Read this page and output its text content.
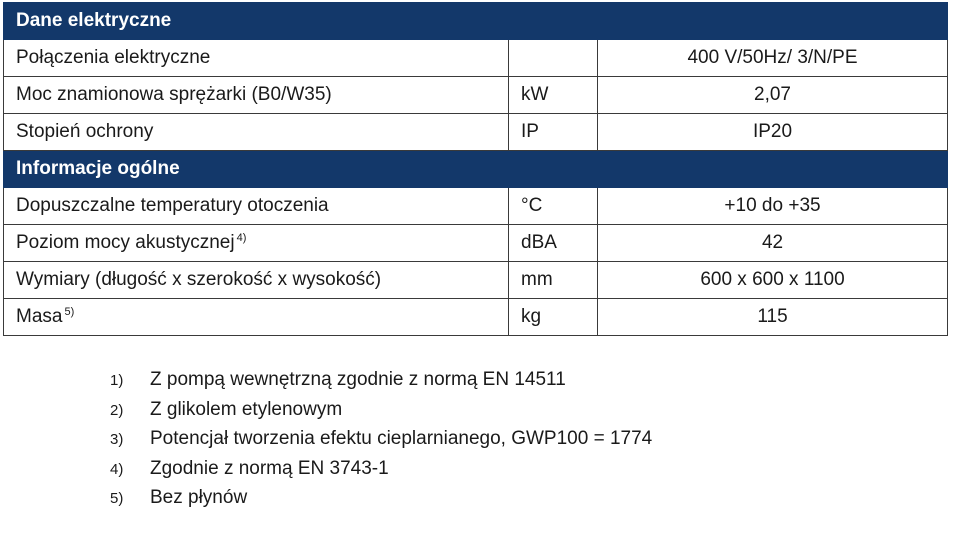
Dane elektryczne		
Połączenia elektryczne		400 V/50Hz/ 3/N/PE
Moc znamionowa sprężarki (B0/W35)	kW	2,07
Stopień ochrony	IP	IP20
Informacje ogólne		
Dopuszczalne temperatury otoczenia	°C	+10 do +35
Poziom mocy akustycznej $^{4)}$	dBA	42
Wymiary (długość x szerokość x wysokość)	mm	600 x 600 x 1100
Masa $^{5)}$	kg	115
1) Z pompą wewnętrzną zgodnie z normą EN 14511
2) Z glikolem etylenowym
3) Potencjał tworzenia efektu cieplarnianego, GWP100 = 1774
4) Zgodnie z normą EN 3743-1
5) Bez płynów
